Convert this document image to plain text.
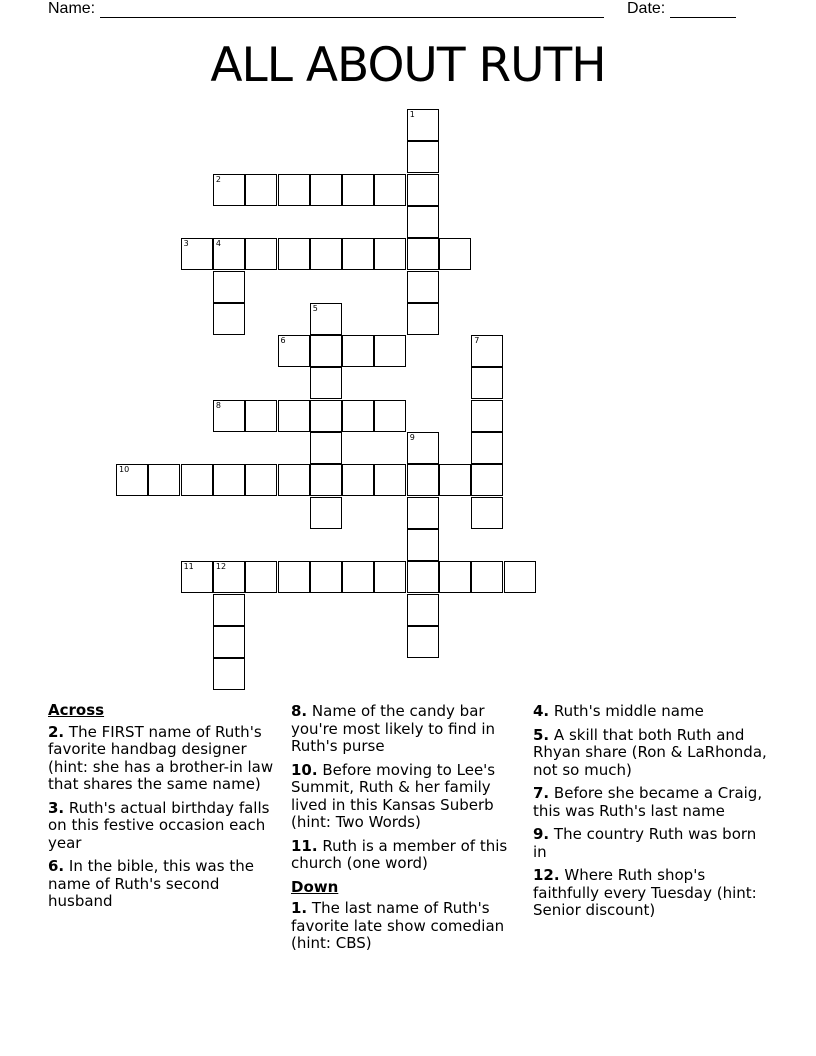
Name:	Date:
ALL ABOUT RUTH
1
2
3	4
5
6	7
8
9
10
11	12

Across

2. The FIRST name of Ruth's favorite handbag designer (hint: she has a brother-in law that shares the same name)

3. Ruth's actual birthday falls on this festive occasion each year

6. In the bible, this was the name of Ruth's second husband

8. Name of the candy bar you're most likely to find in Ruth's purse

10. Before moving to Lee's Summit, Ruth & her family lived in this Kansas Suberb (hint: Two Words)

11. Ruth is a member of this church (one word)

Down

1. The last name of Ruth's favorite late show comedian (hint: CBS)

4. Ruth's middle name

5. A skill that both Ruth and Rhyan share (Ron & LaRhonda, not so much)

7. Before she became a Craig, this was Ruth's last name

9. The country Ruth was born in

12. Where Ruth shop's faithfully every Tuesday (hint: Senior discount)
